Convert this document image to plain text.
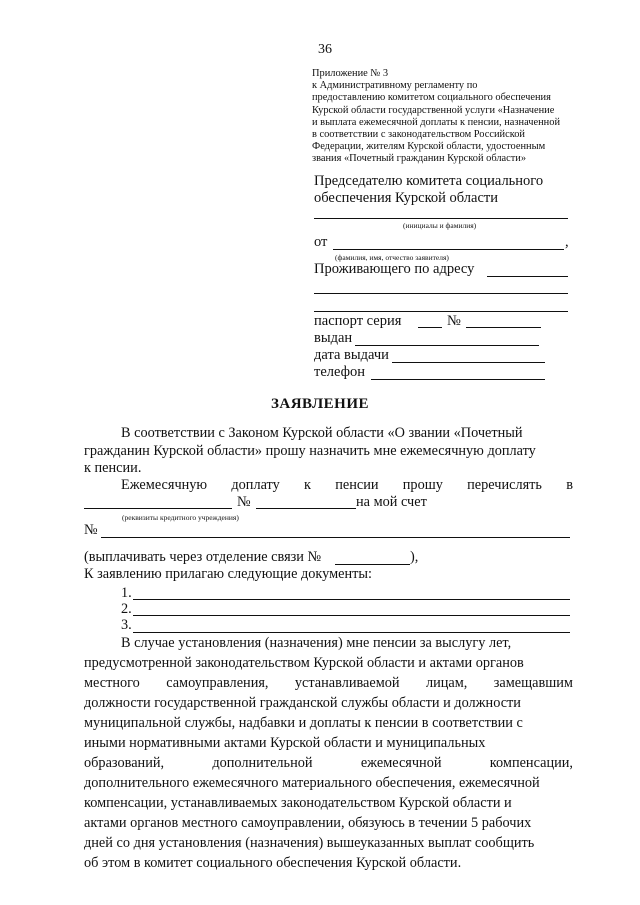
36
Приложение № 3
к Административному регламенту по
предоставлению комитетом социального обеспечения
Курской области государственной услуги «Назначение
и выплата ежемесячной доплаты к пенсии, назначенной
в соответствии с законодательством Российской
Федерации, жителям Курской области, удостоенным
звания «Почетный гражданин Курской области»
Председателю комитета социального
обеспечения Курской области
(инициалы и фамилия)
от	,
(фамилия, имя, отчество заявителя)
Проживающего по адресу
паспорт серия	№
выдан
дата выдачи
телефон
ЗАЯВЛЕНИЕ
В соответствии с Законом Курской области «О звании «Почетный
гражданин Курской области» прошу назначить мне ежемесячную доплату
к пенсии.
Ежемесячную доплату к пенсии прошу перечислять в
№	на мой счет
(реквизиты кредитного учреждения)
№
(выплачивать через отделение связи №	),
К заявлению прилагаю следующие документы:
1.
2.
3.
В случае установления (назначения) мне пенсии за выслугу лет,
предусмотренной законодательством Курской области и актами органов
местного самоуправления, устанавливаемой лицам, замещавшим
должности государственной гражданской службы области и должности
муниципальной службы, надбавки и доплаты к пенсии в соответствии с
иными нормативными актами Курской области и муниципальных
образований,	дополнительной	ежемесячной	компенсации,
дополнительного ежемесячного материального обеспечения, ежемесячной
компенсации, устанавливаемых законодательством Курской области и
актами органов местного самоуправлении, обязуюсь в течении 5 рабочих
дней со дня установления (назначения) вышеуказанных выплат сообщить
об этом в комитет социального обеспечения Курской области.
